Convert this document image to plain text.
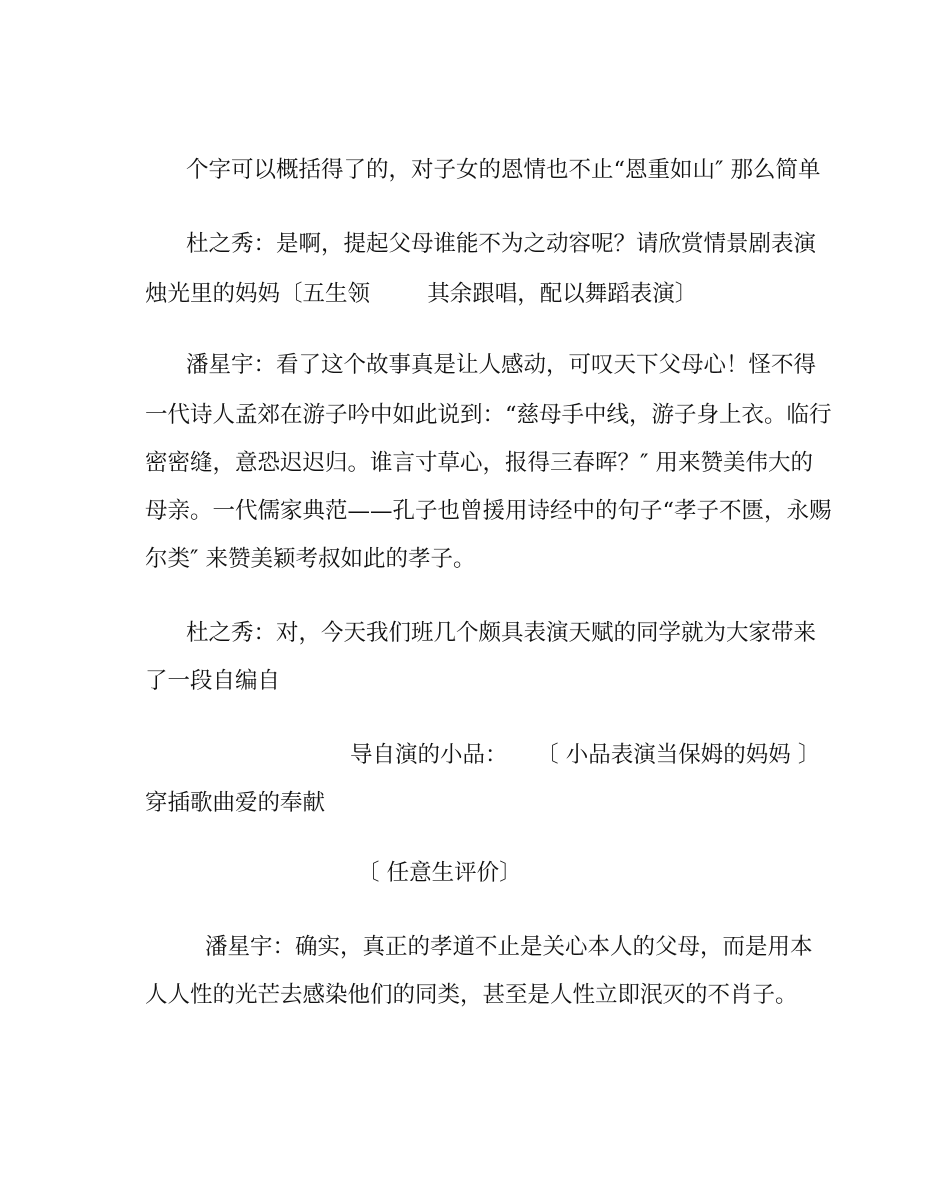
个字可以概括得了的，对子女的恩情也不止“恩重如山″ 那么简单
杜之秀：是啊，提起父母谁能不为之动容呢？请欣赏情景剧表演
烛光里的妈妈〔五生领        其余跟唱，配以舞蹈表演〕
潘星宇：看了这个故事真是让人感动，可叹天下父母心！怪不得
一代诗人孟郊在游子吟中如此说到：“慈母手中线，游子身上衣。临行
密密缝，意恐迟迟归。谁言寸草心，报得三春晖？″ 用来赞美伟大的
母亲。一代儒家典范——孔子也曾援用诗经中的句子“孝子不匮，永赐
尔类″ 来赞美颖考叔如此的孝子。
杜之秀：对，今天我们班几个颇具表演天赋的同学就为大家带来
了一段自编自
导自演的小品：    〔 小品表演当保姆的妈妈 〕
穿插歌曲爱的奉献
〔 任意生评价〕
潘星宇：确实，真正的孝道不止是关心本人的父母，而是用本
人人性的光芒去感染他们的同类，甚至是人性立即泯灭的不肖子。
